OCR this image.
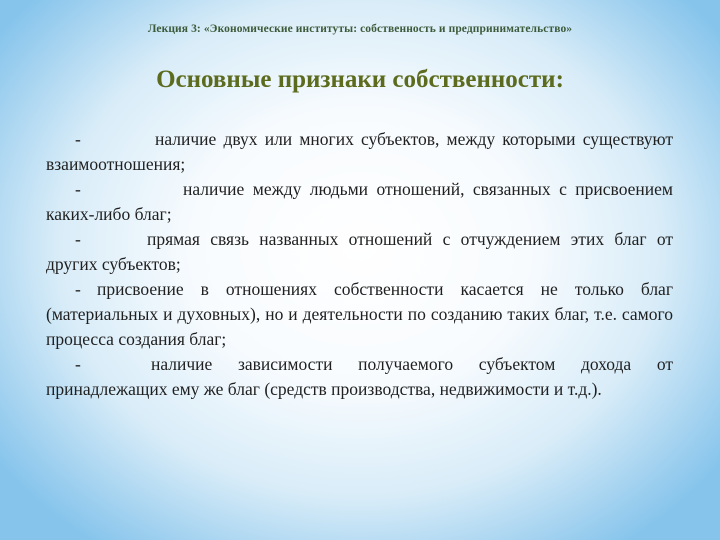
Лекция 3: «Экономические институты: собственность и предпринимательство»
Основные признаки собственности:

-	наличие двух или многих субъектов, между которыми существуют взаимоотношения;

-	наличие между людьми отношений, связанных с присвоением каких-либо благ;

-	прямая связь названных отношений с отчуждением этих благ от других субъектов;

- присвоение в отношениях собственности касается не только благ (материальных и духовных), но и деятельности по созданию таких благ, т.е. самого процесса создания благ;

-	наличие зависимости получаемого субъектом дохода от принадлежащих ему же благ (средств производства, недвижимости и т.д.).
